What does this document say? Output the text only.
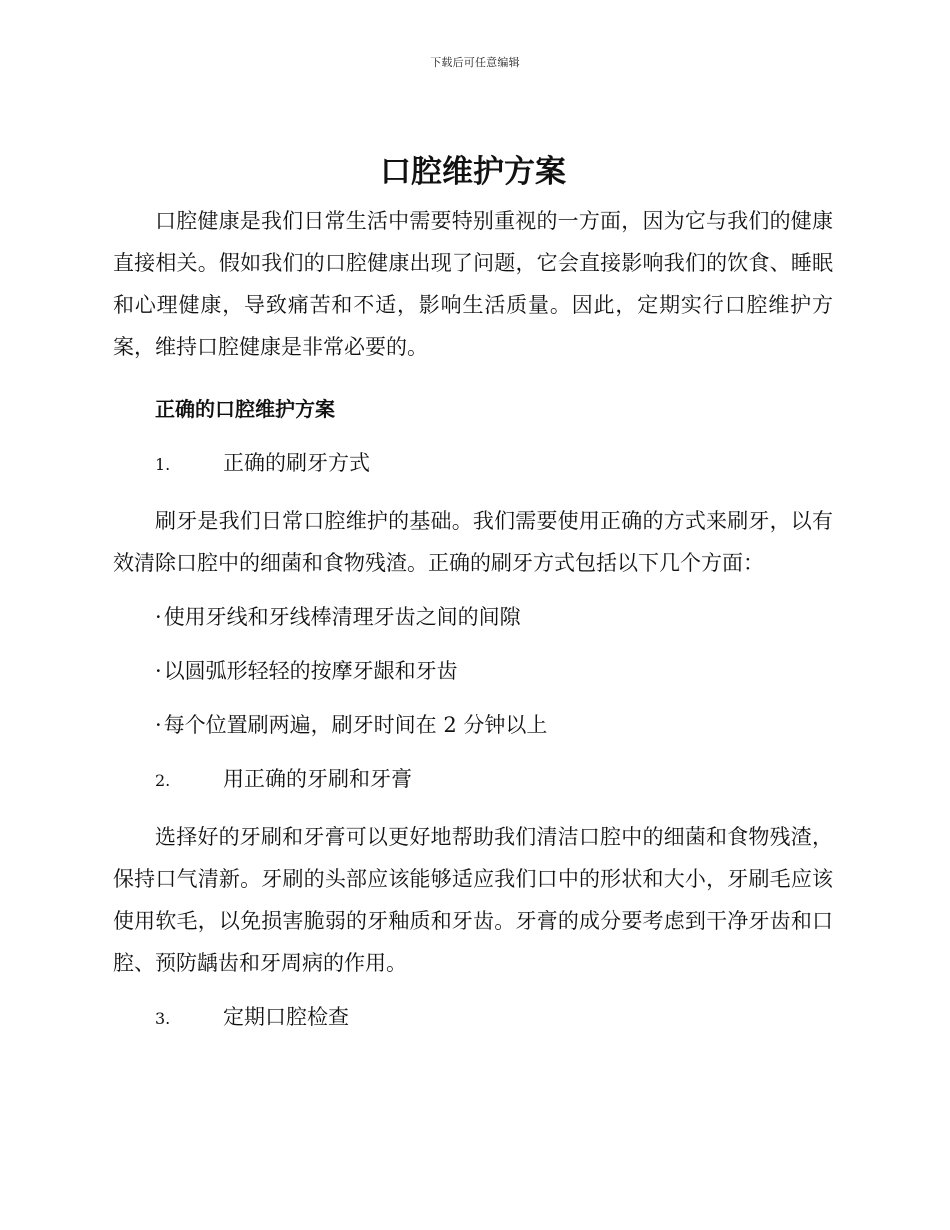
下载后可任意编辑
口腔维护方案

口腔健康是我们日常生活中需要特别重视的一方面，因为它与我们的健康直接相关。假如我们的口腔健康出现了问题，它会直接影响我们的饮食、睡眠和心理健康，导致痛苦和不适，影响生活质量。因此，定期实行口腔维护方案，维持口腔健康是非常必要的。

正确的口腔维护方案
1.	正确的刷牙方式

刷牙是我们日常口腔维护的基础。我们需要使用正确的方式来刷牙，以有效清除口腔中的细菌和食物残渣。正确的刷牙方式包括以下几个方面：

·使用牙线和牙线棒清理牙齿之间的间隙
·以圆弧形轻轻的按摩牙龈和牙齿
·每个位置刷两遍，刷牙时间在 2 分钟以上
2.	用正确的牙刷和牙膏

选择好的牙刷和牙膏可以更好地帮助我们清洁口腔中的细菌和食物残渣，保持口气清新。牙刷的头部应该能够适应我们口中的形状和大小，牙刷毛应该使用软毛，以免损害脆弱的牙釉质和牙齿。牙膏的成分要考虑到干净牙齿和口腔、预防龋齿和牙周病的作用。

3.	定期口腔检查
